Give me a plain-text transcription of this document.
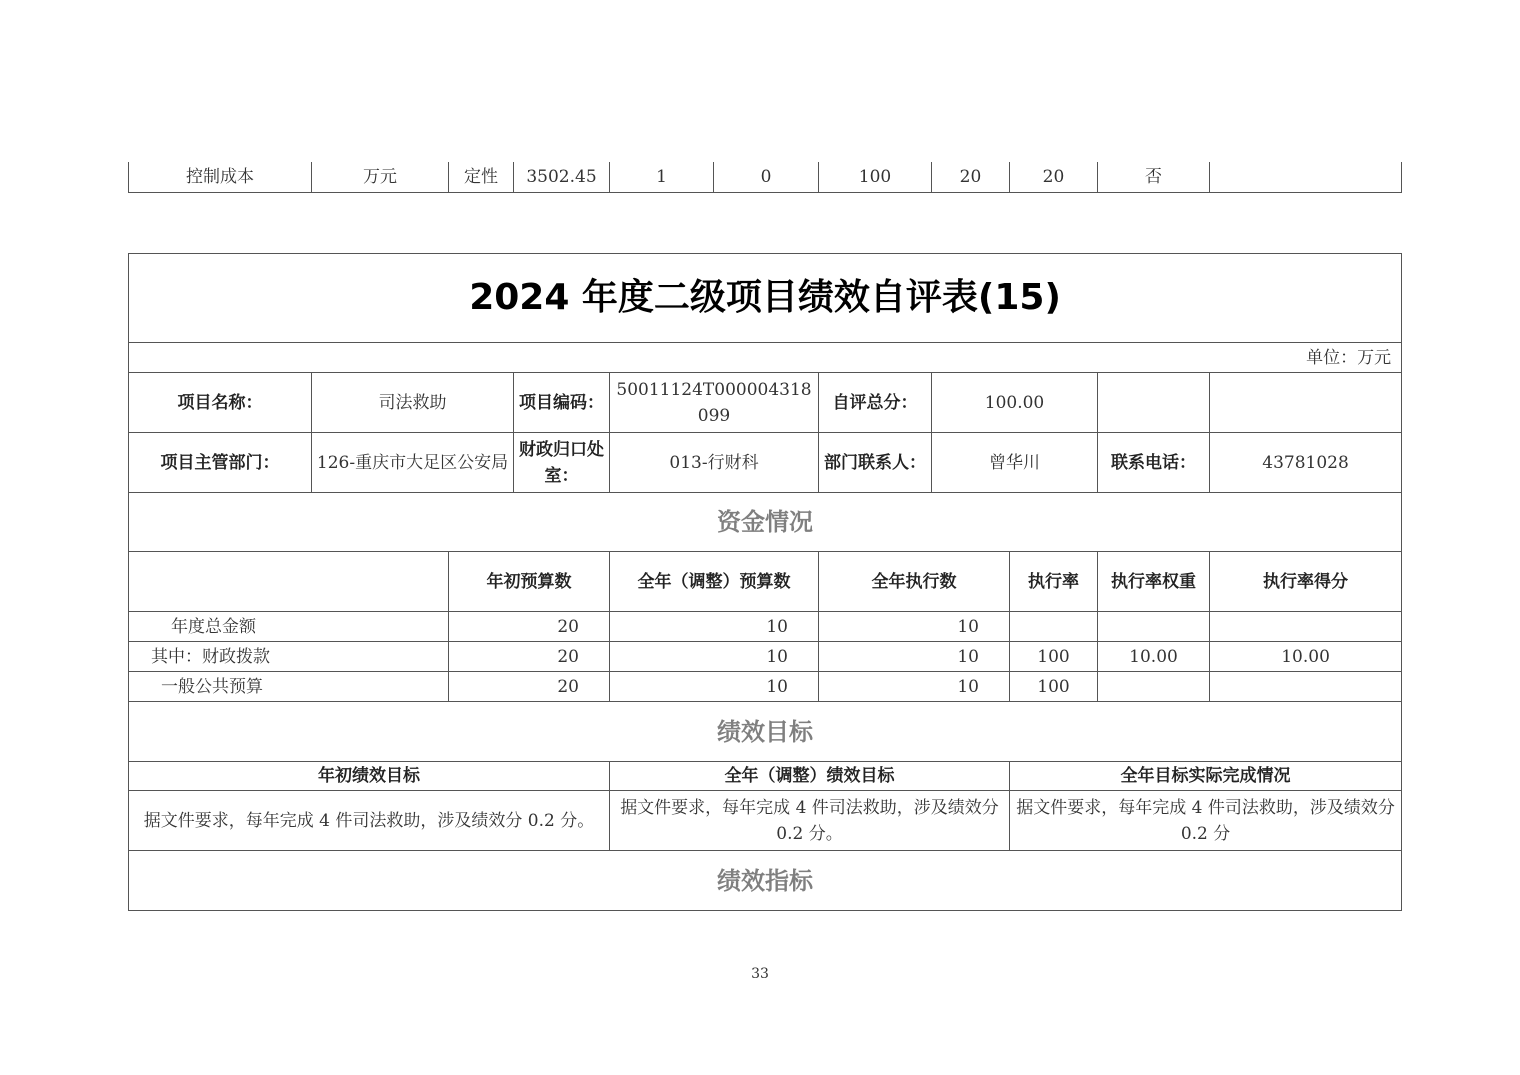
控制成本	万元	定性	3502.45	1	0	100	20	20	否	
2024 年度二级项目绩效自评表(15)									
单位：万元									
项目名称：	司法救助		项目编码：	50011124T000004318099	自评总分：	100.00			
项目主管部门：	126-重庆市大足区公安局		财政归口处室：	013-行财科	部门联系人：	曾华川		联系电话：	43781028
资金情况									
		年初预算数		全年（调整）预算数	全年执行数		执行率	执行率权重	执行率得分
年度总金额		20		10	10				
其中：财政拨款		20		10	10		100	10.00	10.00
一般公共预算		20		10	10		100		
绩效目标									
年初绩效目标				全年（调整）绩效目标			全年目标实际完成情况		
据文件要求，每年完成 4 件司法救助，涉及绩效分 0.2 分。				据文件要求，每年完成 4 件司法救助，涉及绩效分 0.2 分。			据文件要求，每年完成 4 件司法救助，涉及绩效分 0.2 分		
绩效指标									
33
